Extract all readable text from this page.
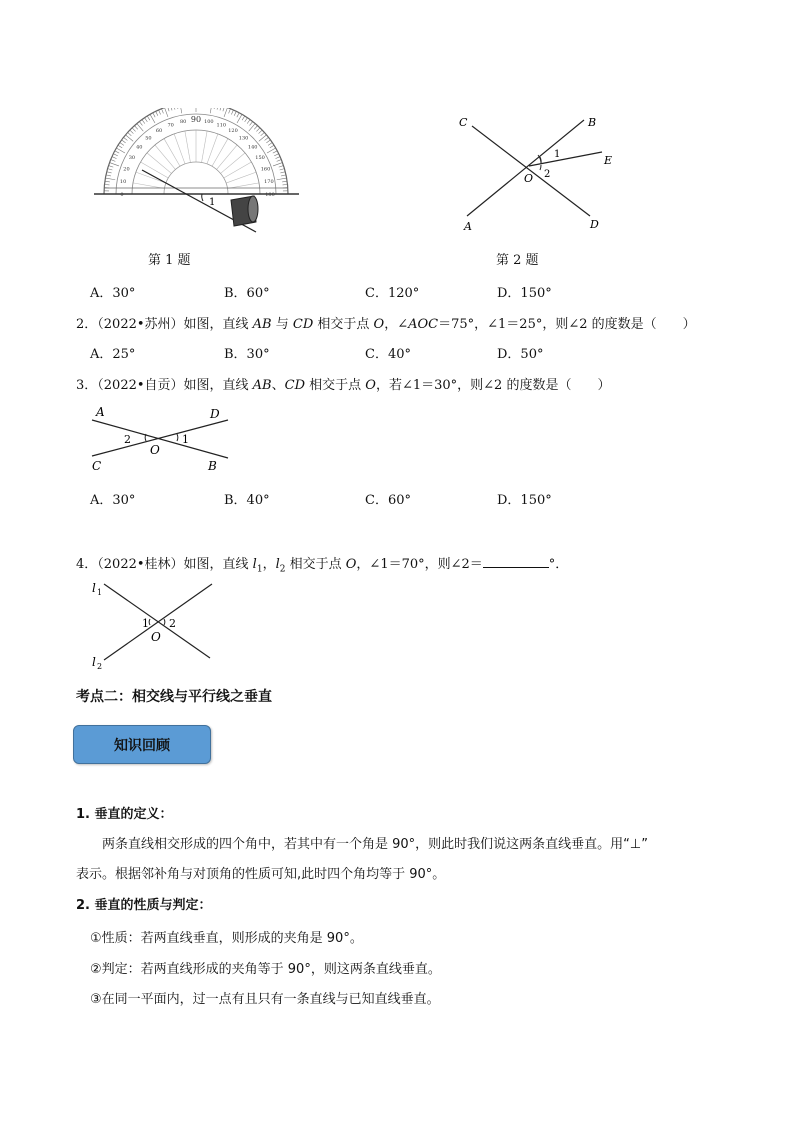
0
10
20
30
40
50
60
70
80 90 100
110
120
130
140
150
160
170
180
1
第 1 题
C	B
E
1
2
O
A	D
第 2 题
A．30°	B．60°	C．120°	D．150°
2．（2022•苏州）如图，直线 AB 与 CD 相交于点 O，∠AOC＝75°，∠1＝25°，则∠2 的度数是（　　）
A．25°	B．30°	C．40°	D．50°
3．（2022•自贡）如图，直线 AB、CD 相交于点 O，若∠1＝30°，则∠2 的度数是（　　）
A	D
2	1
O
C	B
A．30°	B．40°	C．60°	D．150°
4．（2022•桂林）如图，直线 $l_1$，$l_2$ 相交于点 O，∠1＝70°，则∠2＝	°．
l 1
1 2
O
l 2
考点二：相交线与平行线之垂直
知识回顾
1. 垂直的定义：
两条直线相交形成的四个角中，若其中有一个角是 90°，则此时我们说这两条直线垂直。用“⊥”
表示。根据邻补角与对顶角的性质可知,此时四个角均等于 90°。
2. 垂直的性质与判定：
①性质：若两直线垂直，则形成的夹角是 90°。
②判定：若两直线形成的夹角等于 90°，则这两条直线垂直。
③在同一平面内，过一点有且只有一条直线与已知直线垂直。
